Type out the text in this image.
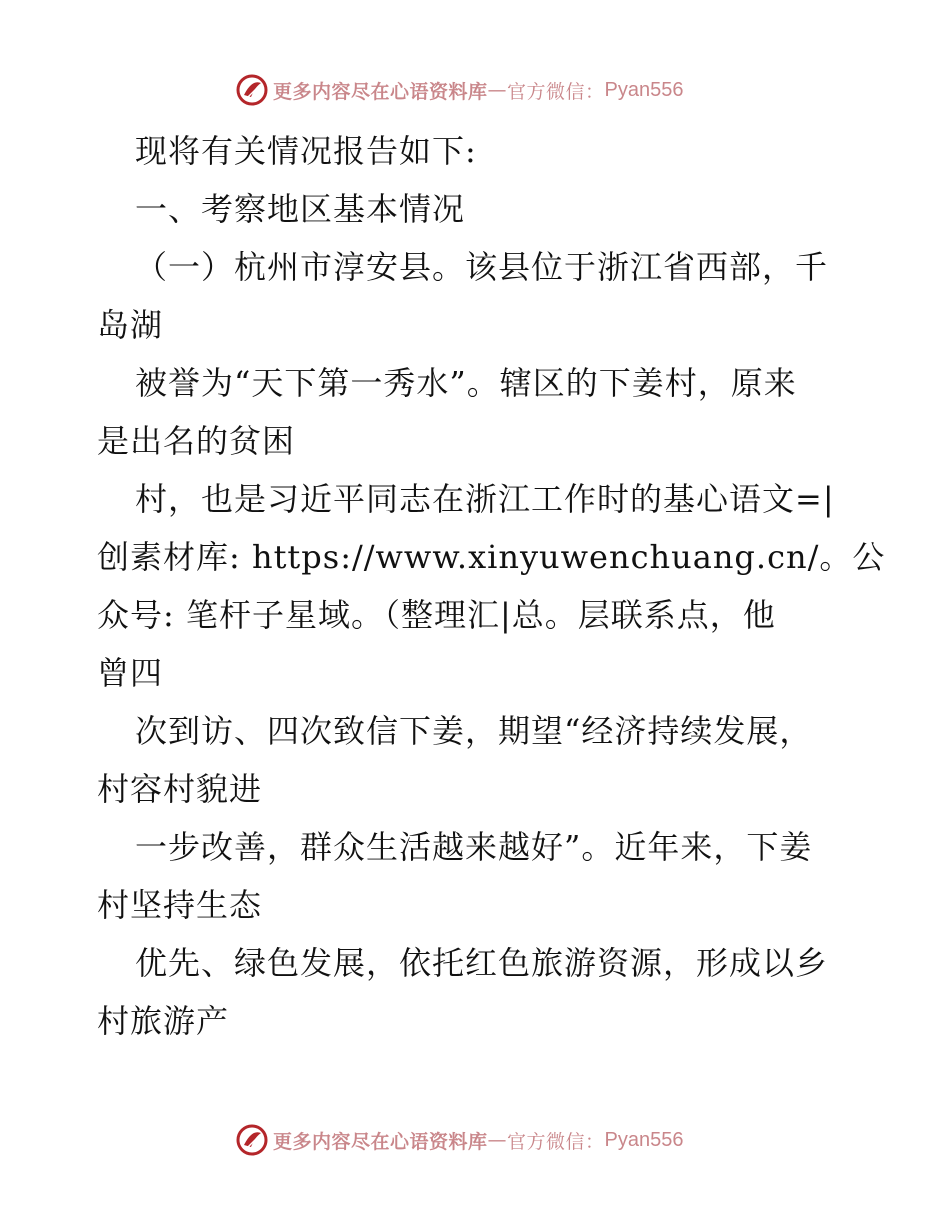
更多内容尽在心语资料库 — 官方微信： Pyan556
现将有关情况报告如下:
一、考察地区基本情况
（一）杭州市淳安县。该县位于浙江省西部，千
岛湖
被誉为“天下第一秀水”。辖区的下姜村，原来
是出名的贫困
村，也是习近平同志在浙江工作时的基心语文=|
创素材库: https://www.xinyuwenchuang.cn/。公
众号: 笔杆子星域。（整理汇|总。层联系点，他
曾四
次到访、四次致信下姜，期望“经济持续发展，
村容村貌进
一步改善，群众生活越来越好”。近年来，下姜
村坚持生态
优先、绿色发展，依托红色旅游资源，形成以乡
村旅游产
更多内容尽在心语资料库 — 官方微信： Pyan556
